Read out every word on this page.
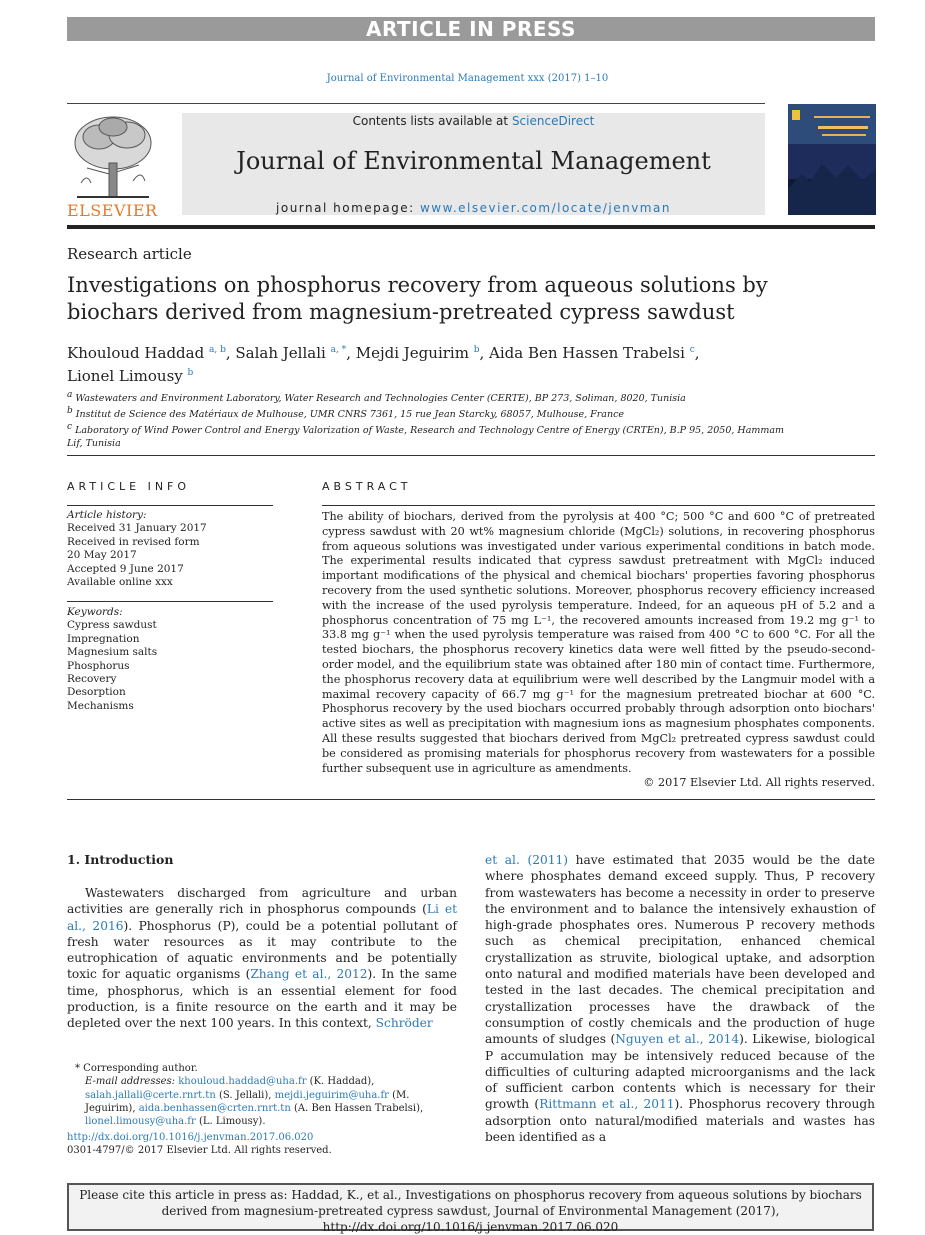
ARTICLE IN PRESS
Journal of Environmental Management xxx (2017) 1–10
ELSEVIER
Contents lists available at ScienceDirect
Journal of Environmental Management
journal homepage: www.elsevier.com/locate/jenvman
Research article
Investigations on phosphorus recovery from aqueous solutions by biochars derived from magnesium-pretreated cypress sawdust
Khouloud Haddad $^{a, b}$, Salah Jellali $^{a, *}$, Mejdi Jeguirim $^b$, Aida Ben Hassen Trabelsi $^c$,
Lionel Limousy $^b$
$^a$ Wastewaters and Environment Laboratory, Water Research and Technologies Center (CERTE), BP 273, Soliman, 8020, Tunisia
$^b$ Institut de Science des Matériaux de Mulhouse, UMR CNRS 7361, 15 rue Jean Starcky, 68057, Mulhouse, France
$^c$ Laboratory of Wind Power Control and Energy Valorization of Waste, Research and Technology Centre of Energy (CRTEn), B.P 95, 2050, Hammam Lif, Tunisia
ARTICLE INFO	ABSTRACT
Article history:
Received 31 January 2017
Received in revised form
20 May 2017
Accepted 9 June 2017
Available online xxx
Keywords:
Cypress sawdust
Impregnation
Magnesium salts
Phosphorus
Recovery
Desorption
Mechanisms
The ability of biochars, derived from the pyrolysis at 400 °C; 500 °C and 600 °C of pretreated cypress sawdust with 20 wt% magnesium chloride (MgCl₂) solutions, in recovering phosphorus from aqueous solutions was investigated under various experimental conditions in batch mode. The experimental results indicated that cypress sawdust pretreatment with MgCl₂ induced important modifications of the physical and chemical biochars' properties favoring phosphorus recovery from the used synthetic solutions. Moreover, phosphorus recovery efficiency increased with the increase of the used pyrolysis temperature. Indeed, for an aqueous pH of 5.2 and a phosphorus concentration of 75 mg L⁻¹, the recovered amounts increased from 19.2 mg g⁻¹ to 33.8 mg g⁻¹ when the used pyrolysis temperature was raised from 400 °C to 600 °C. For all the tested biochars, the phosphorus recovery kinetics data were well fitted by the pseudo-second-order model, and the equilibrium state was obtained after 180 min of contact time. Furthermore, the phosphorus recovery data at equilibrium were well described by the Langmuir model with a maximal recovery capacity of 66.7 mg g⁻¹ for the magnesium pretreated biochar at 600 °C. Phosphorus recovery by the used biochars occurred probably through adsorption onto biochars' active sites as well as precipitation with magnesium ions as magnesium phosphates components. All these results suggested that biochars derived from MgCl₂ pretreated cypress sawdust could be considered as promising materials for phosphorus recovery from wastewaters for a possible further subsequent use in agriculture as amendments.
© 2017 Elsevier Ltd. All rights reserved.
1. Introduction
Wastewaters discharged from agriculture and urban activities are generally rich in phosphorus compounds (Li et al., 2016). Phosphorus (P), could be a potential pollutant of fresh water resources as it may contribute to the eutrophication of aquatic environments and be potentially toxic for aquatic organisms (Zhang et al., 2012). In the same time, phosphorus, which is an essential element for food production, is a finite resource on the earth and it may be depleted over the next 100 years. In this context, Schröder
et al. (2011) have estimated that 2035 would be the date where phosphates demand exceed supply. Thus, P recovery from wastewaters has become a necessity in order to preserve the environment and to balance the intensively exhaustion of high-grade phosphates ores. Numerous P recovery methods such as chemical precipitation, enhanced chemical crystallization as struvite, biological uptake, and adsorption onto natural and modified materials have been developed and tested in the last decades. The chemical precipitation and crystallization processes have the drawback of the consumption of costly chemicals and the production of huge amounts of sludges (Nguyen et al., 2014). Likewise, biological P accumulation may be intensively reduced because of the difficulties of culturing adapted microorganisms and the lack of sufficient carbon contents which is necessary for their growth (Rittmann et al., 2011). Phosphorus recovery through adsorption onto natural/modified materials and wastes has been identified as a
* Corresponding author.
E-mail addresses: khouloud.haddad@uha.fr (K. Haddad), salah.jallali@certe.rnrt.tn (S. Jellali), mejdi.jeguirim@uha.fr (M. Jeguirim), aida.benhassen@crten.rnrt.tn (A. Ben Hassen Trabelsi), lionel.limousy@uha.fr (L. Limousy).
http://dx.doi.org/10.1016/j.jenvman.2017.06.020
0301-4797/© 2017 Elsevier Ltd. All rights reserved.
Please cite this article in press as: Haddad, K., et al., Investigations on phosphorus recovery from aqueous solutions by biochars derived from magnesium-pretreated cypress sawdust, Journal of Environmental Management (2017), http://dx.doi.org/10.1016/j.jenvman.2017.06.020
